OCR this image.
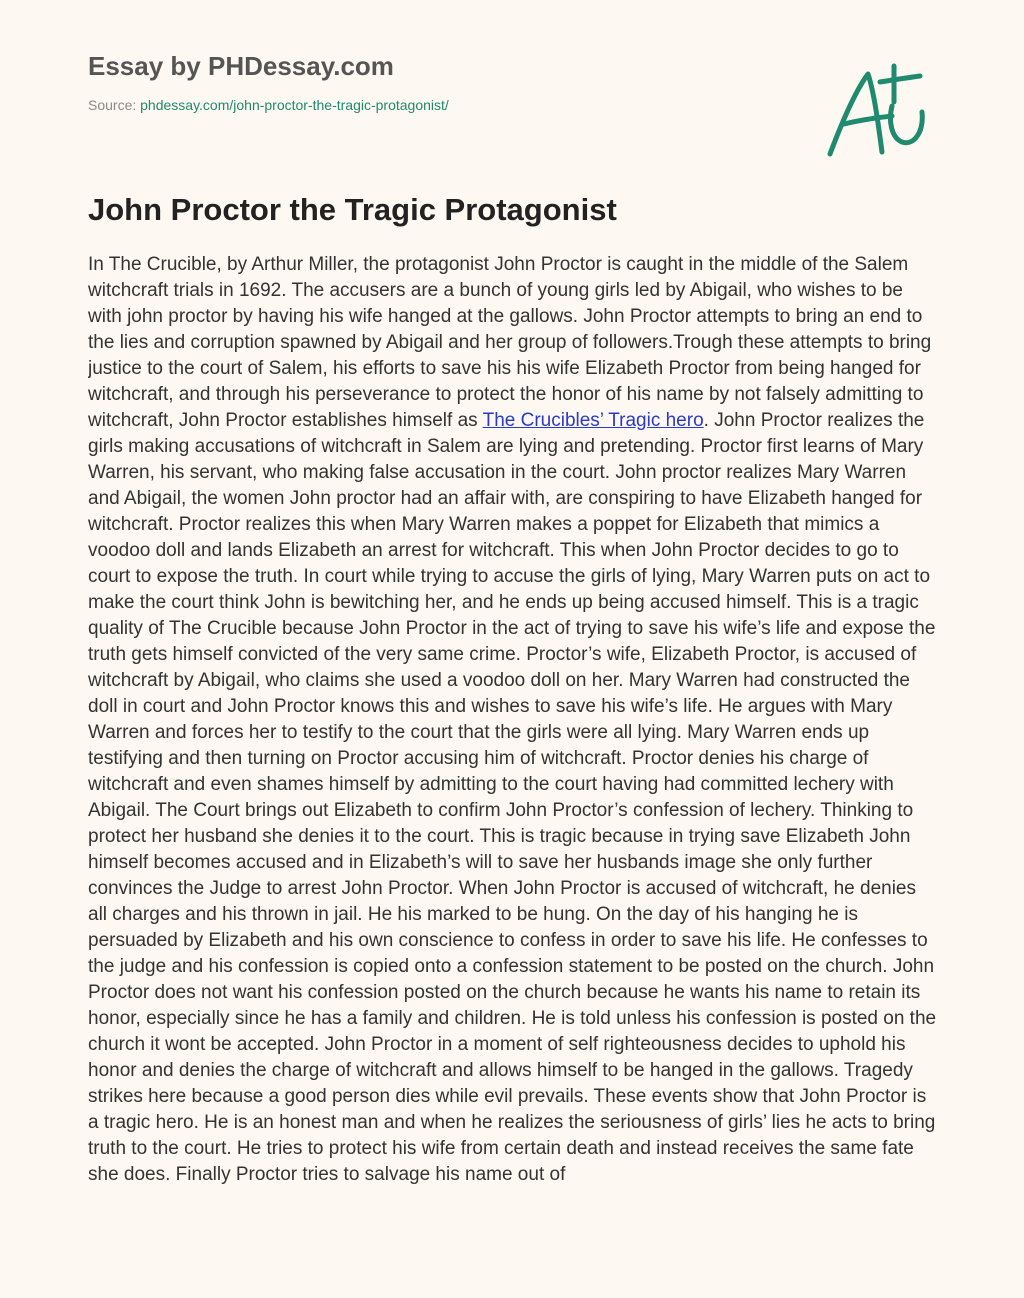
Essay by PHDessay.com
Source: phdessay.com/john-proctor-the-tragic-protagonist/
John Proctor the Tragic Protagonist

In The Crucible, by Arthur Miller, the protagonist John Proctor is caught in the middle of the Salem witchcraft trials in 1692. The accusers are a bunch of young girls led by Abigail, who wishes to be with john proctor by having his wife hanged at the gallows. John Proctor attempts to bring an end to the lies and corruption spawned by Abigail and her group of followers.Trough these attempts to bring justice to the court of Salem, his efforts to save his his wife Elizabeth Proctor from being hanged for witchcraft, and through his perseverance to protect the honor of his name by not falsely admitting to witchcraft, John Proctor establishes himself as The Crucibles’ Tragic hero. John Proctor realizes the girls making accusations of witchcraft in Salem are lying and pretending. Proctor first learns of Mary Warren, his servant, who making false accusation in the court. John proctor realizes Mary Warren and Abigail, the women John proctor had an affair with, are conspiring to have Elizabeth hanged for witchcraft. Proctor realizes this when Mary Warren makes a poppet for Elizabeth that mimics a voodoo doll and lands Elizabeth an arrest for witchcraft. This when John Proctor decides to go to court to expose the truth. In court while trying to accuse the girls of lying, Mary Warren puts on act to make the court think John is bewitching her, and he ends up being accused himself. This is a tragic quality of The Crucible because John Proctor in the act of trying to save his wife’s life and expose the truth gets himself convicted of the very same crime. Proctor’s wife, Elizabeth Proctor, is accused of witchcraft by Abigail, who claims she used a voodoo doll on her. Mary Warren had constructed the doll in court and John Proctor knows this and wishes to save his wife’s life. He argues with Mary Warren and forces her to testify to the court that the girls were all lying. Mary Warren ends up testifying and then turning on Proctor accusing him of witchcraft. Proctor denies his charge of witchcraft and even shames himself by admitting to the court having had committed lechery with Abigail. The Court brings out Elizabeth to confirm John Proctor’s confession of lechery. Thinking to protect her husband she denies it to the court. This is tragic because in trying save Elizabeth John himself becomes accused and in Elizabeth’s will to save her husbands image she only further convinces the Judge to arrest John Proctor. When John Proctor is accused of witchcraft, he denies all charges and his thrown in jail. He his marked to be hung. On the day of his hanging he is persuaded by Elizabeth and his own conscience to confess in order to save his life. He confesses to the judge and his confession is copied onto a confession statement to be posted on the church. John Proctor does not want his confession posted on the church because he wants his name to retain its honor, especially since he has a family and children. He is told unless his confession is posted on the church it wont be accepted. John Proctor in a moment of self righteousness decides to uphold his honor and denies the charge of witchcraft and allows himself to be hanged in the gallows. Tragedy strikes here because a good person dies while evil prevails. These events show that John Proctor is a tragic hero. He is an honest man and when he realizes the seriousness of girls’ lies he acts to bring truth to the court. He tries to protect his wife from certain death and instead receives the same fate she does. Finally Proctor tries to salvage his name out of
